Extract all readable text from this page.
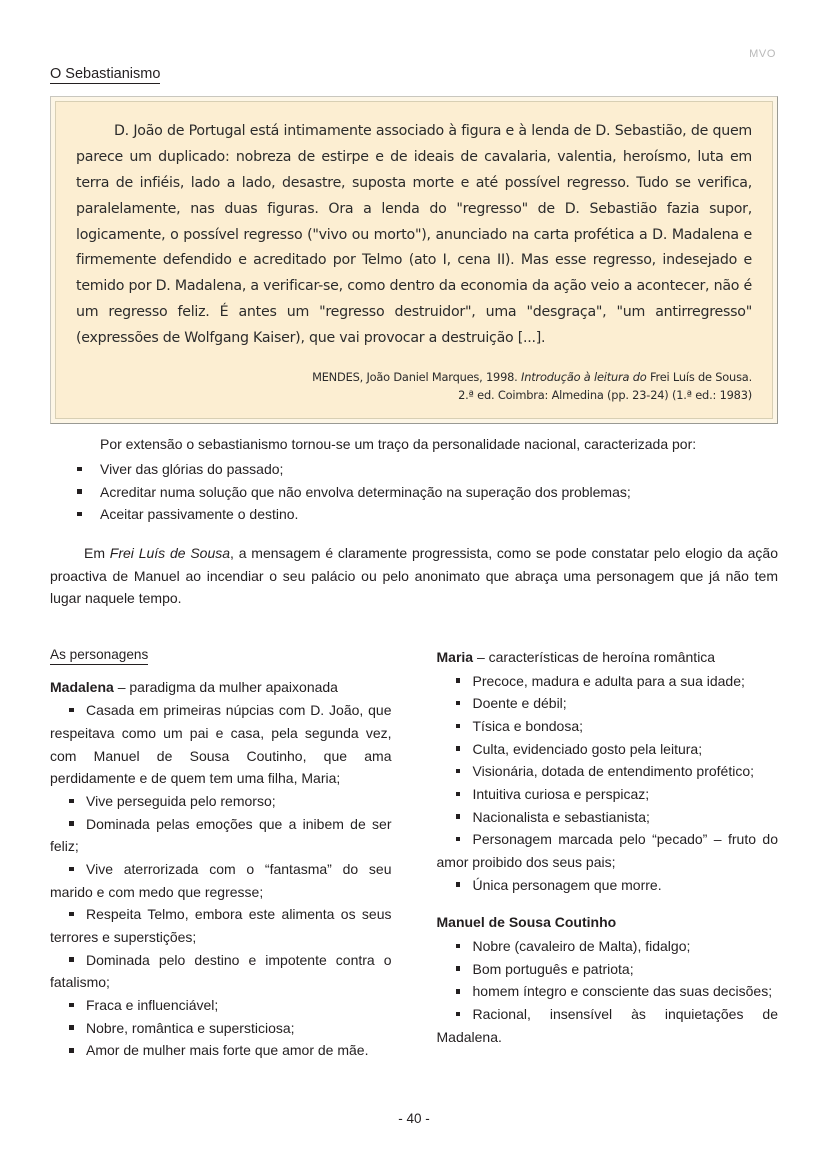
MVO
O Sebastianismo

D. João de Portugal está intimamente associado à figura e à lenda de D. Sebastião, de quem parece um duplicado: nobreza de estirpe e de ideais de cavalaria, valentia, heroísmo, luta em terra de infiéis, lado a lado, desastre, suposta morte e até possível regresso. Tudo se verifica, paralelamente, nas duas figuras. Ora a lenda do "regresso" de D. Sebastião fazia supor, logicamente, o possível regresso ("vivo ou morto"), anunciado na carta profética a D. Madalena e firmemente defendido e acreditado por Telmo (ato I, cena II). Mas esse regresso, indesejado e temido por D. Madalena, a verificar-se, como dentro da economia da ação veio a acontecer, não é um regresso feliz. É antes um "regresso destruidor", uma "desgraça", "um antirregresso" (expressões de Wolfgang Kaiser), que vai provocar a destruição [...].

MENDES, João Daniel Marques, 1998. Introdução à leitura do Frei Luís de Sousa.
2.ª ed. Coimbra: Almedina (pp. 23-24) (1.ª ed.: 1983)

Por extensão o sebastianismo tornou-se um traço da personalidade nacional, caracterizada por:

Viver das glórias do passado;
Acreditar numa solução que não envolva determinação na superação dos problemas;
Aceitar passivamente o destino.

Em Frei Luís de Sousa, a mensagem é claramente progressista, como se pode constatar pelo elogio da ação proactiva de Manuel ao incendiar o seu palácio ou pelo anonimato que abraça uma personagem que já não tem lugar naquele tempo.

As personagens

Madalena – paradigma da mulher apaixonada

Casada em primeiras núpcias com D. João, que respeitava como um pai e casa, pela segunda vez, com Manuel de Sousa Coutinho, que ama perdidamente e de quem tem uma filha, Maria;
Vive perseguida pelo remorso;
Dominada pelas emoções que a inibem de ser feliz;
Vive aterrorizada com o “fantasma” do seu marido e com medo que regresse;
Respeita Telmo, embora este alimenta os seus terrores e superstições;
Dominada pelo destino e impotente contra o fatalismo;
Fraca e influenciável;
Nobre, romântica e supersticiosa;
Amor de mulher mais forte que amor de mãe.

Maria – características de heroína romântica

Precoce, madura e adulta para a sua idade;
Doente e débil;
Tísica e bondosa;
Culta, evidenciado gosto pela leitura;
Visionária, dotada de entendimento profético;
Intuitiva curiosa e perspicaz;
Nacionalista e sebastianista;
Personagem marcada pelo “pecado” – fruto do amor proibido dos seus pais;
Única personagem que morre.

Manuel de Sousa Coutinho

Nobre (cavaleiro de Malta), fidalgo;
Bom português e patriota;
homem íntegro e consciente das suas decisões;
Racional, insensível às inquietações de Madalena.
- 40 -
